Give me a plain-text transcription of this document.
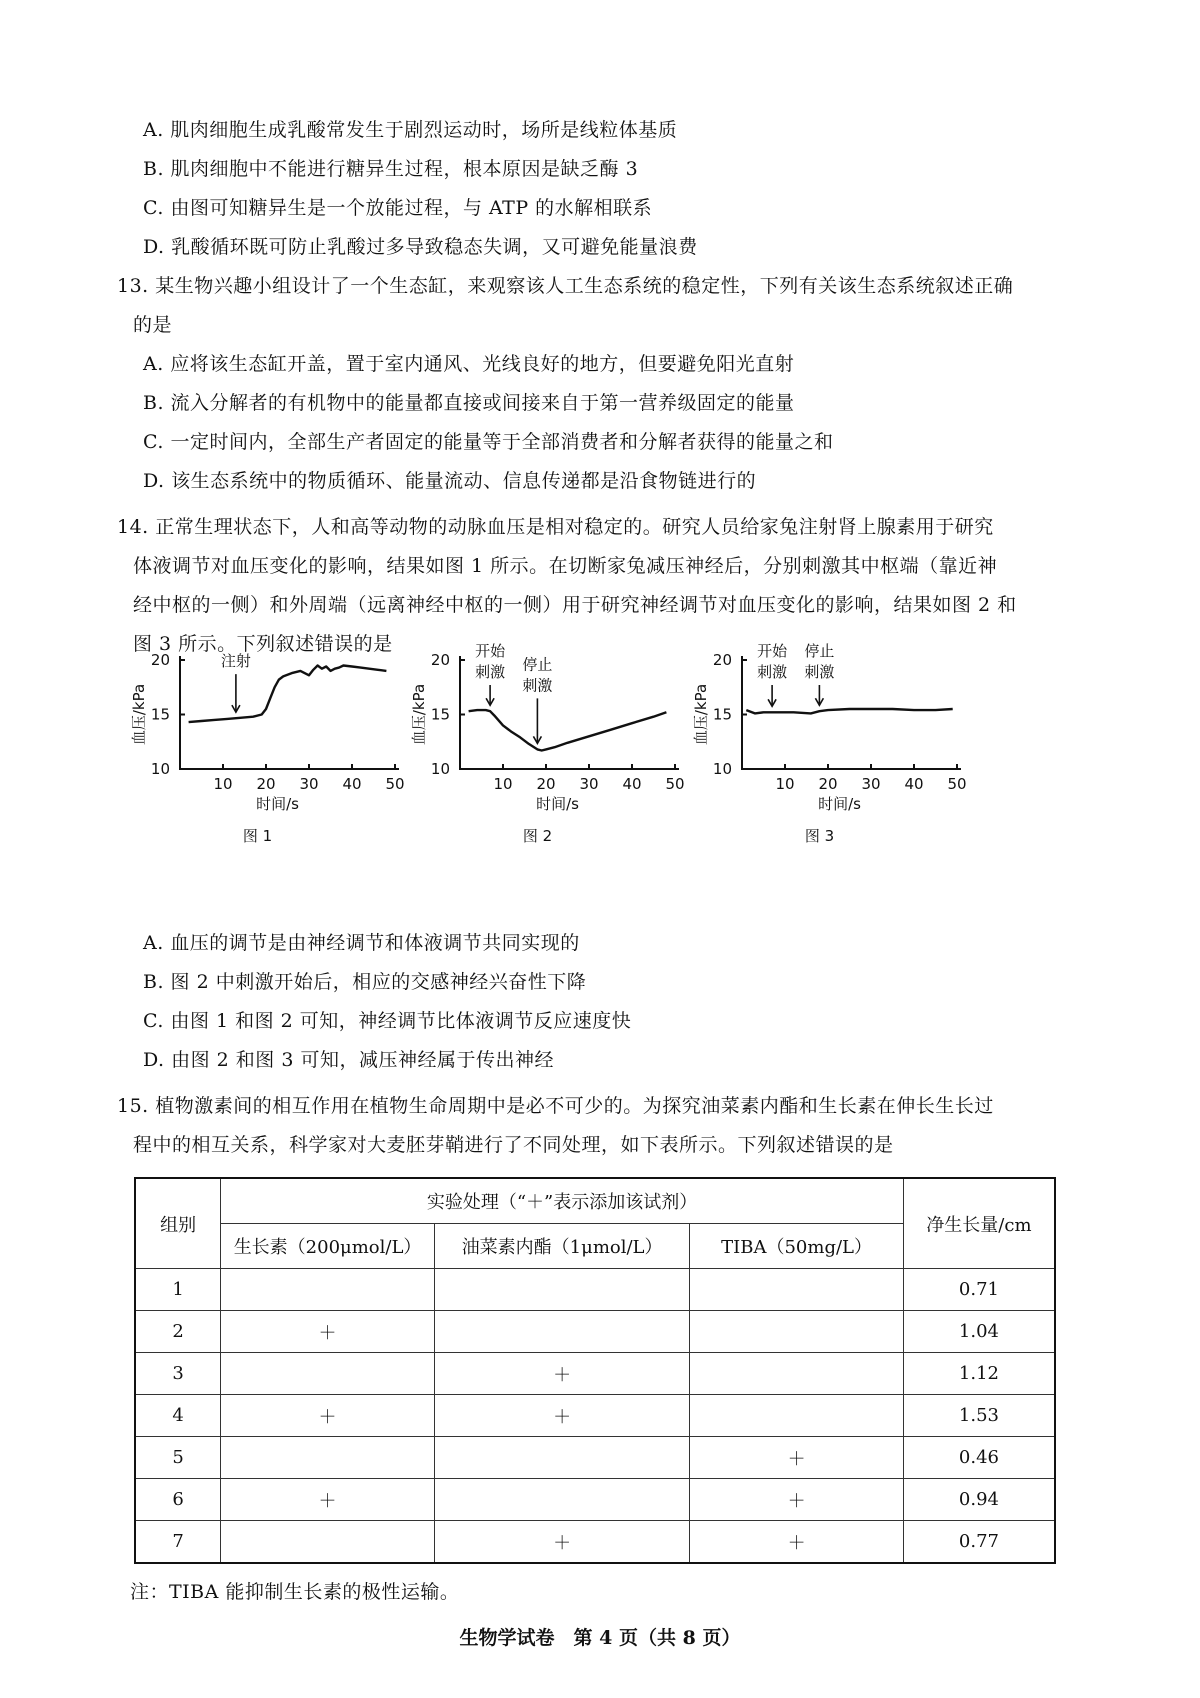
A. 肌肉细胞生成乳酸常发生于剧烈运动时，场所是线粒体基质
B. 肌肉细胞中不能进行糖异生过程，根本原因是缺乏酶 3
C. 由图可知糖异生是一个放能过程，与 ATP 的水解相联系
D. 乳酸循环既可防止乳酸过多导致稳态失调，又可避免能量浪费
13. 某生物兴趣小组设计了一个生态缸，来观察该人工生态系统的稳定性，下列有关该生态系统叙述正确
的是
A. 应将该生态缸开盖，置于室内通风、光线良好的地方，但要避免阳光直射
B. 流入分解者的有机物中的能量都直接或间接来自于第一营养级固定的能量
C. 一定时间内，全部生产者固定的能量等于全部消费者和分解者获得的能量之和
D. 该生态系统中的物质循环、能量流动、信息传递都是沿食物链进行的
14. 正常生理状态下，人和高等动物的动脉血压是相对稳定的。研究人员给家兔注射肾上腺素用于研究
体液调节对血压变化的影响，结果如图 1 所示。在切断家兔减压神经后，分别刺激其中枢端（靠近神
经中枢的一侧）和外周端（远离神经中枢的一侧）用于研究神经调节对血压变化的影响，结果如图 2 和
图 3 所示。下列叙述错误的是
10
15
20
10 20 30 40 50
时间/s
血压/kPa
图 1
注射
10
15
20
10 20 30 40 50
时间/s
血压/kPa
图 2
开始
刺激 停止
刺激
10
15
20
10 20 30 40 50
时间/s
血压/kPa
图 3
开始
刺激
停止
刺激
A. 血压的调节是由神经调节和体液调节共同实现的
B. 图 2 中刺激开始后，相应的交感神经兴奋性下降
C. 由图 1 和图 2 可知，神经调节比体液调节反应速度快
D. 由图 2 和图 3 可知，减压神经属于传出神经
15. 植物激素间的相互作用在植物生命周期中是必不可少的。为探究油菜素内酯和生长素在伸长生长过
程中的相互关系，科学家对大麦胚芽鞘进行了不同处理，如下表所示。下列叙述错误的是
组别	实验处理（“＋”表示添加该试剂）			净生长量/cm
	生长素（200μmol/L）	油菜素内酯（1μmol/L）	TIBA（50mg/L）	
1				0.71
2	＋			1.04
3		＋		1.12
4	＋	＋		1.53
5			＋	0.46
6	＋		＋	0.94
7		＋	＋	0.77
注：TIBA 能抑制生长素的极性运输。
生物学试卷　第 4 页（共 8 页）
